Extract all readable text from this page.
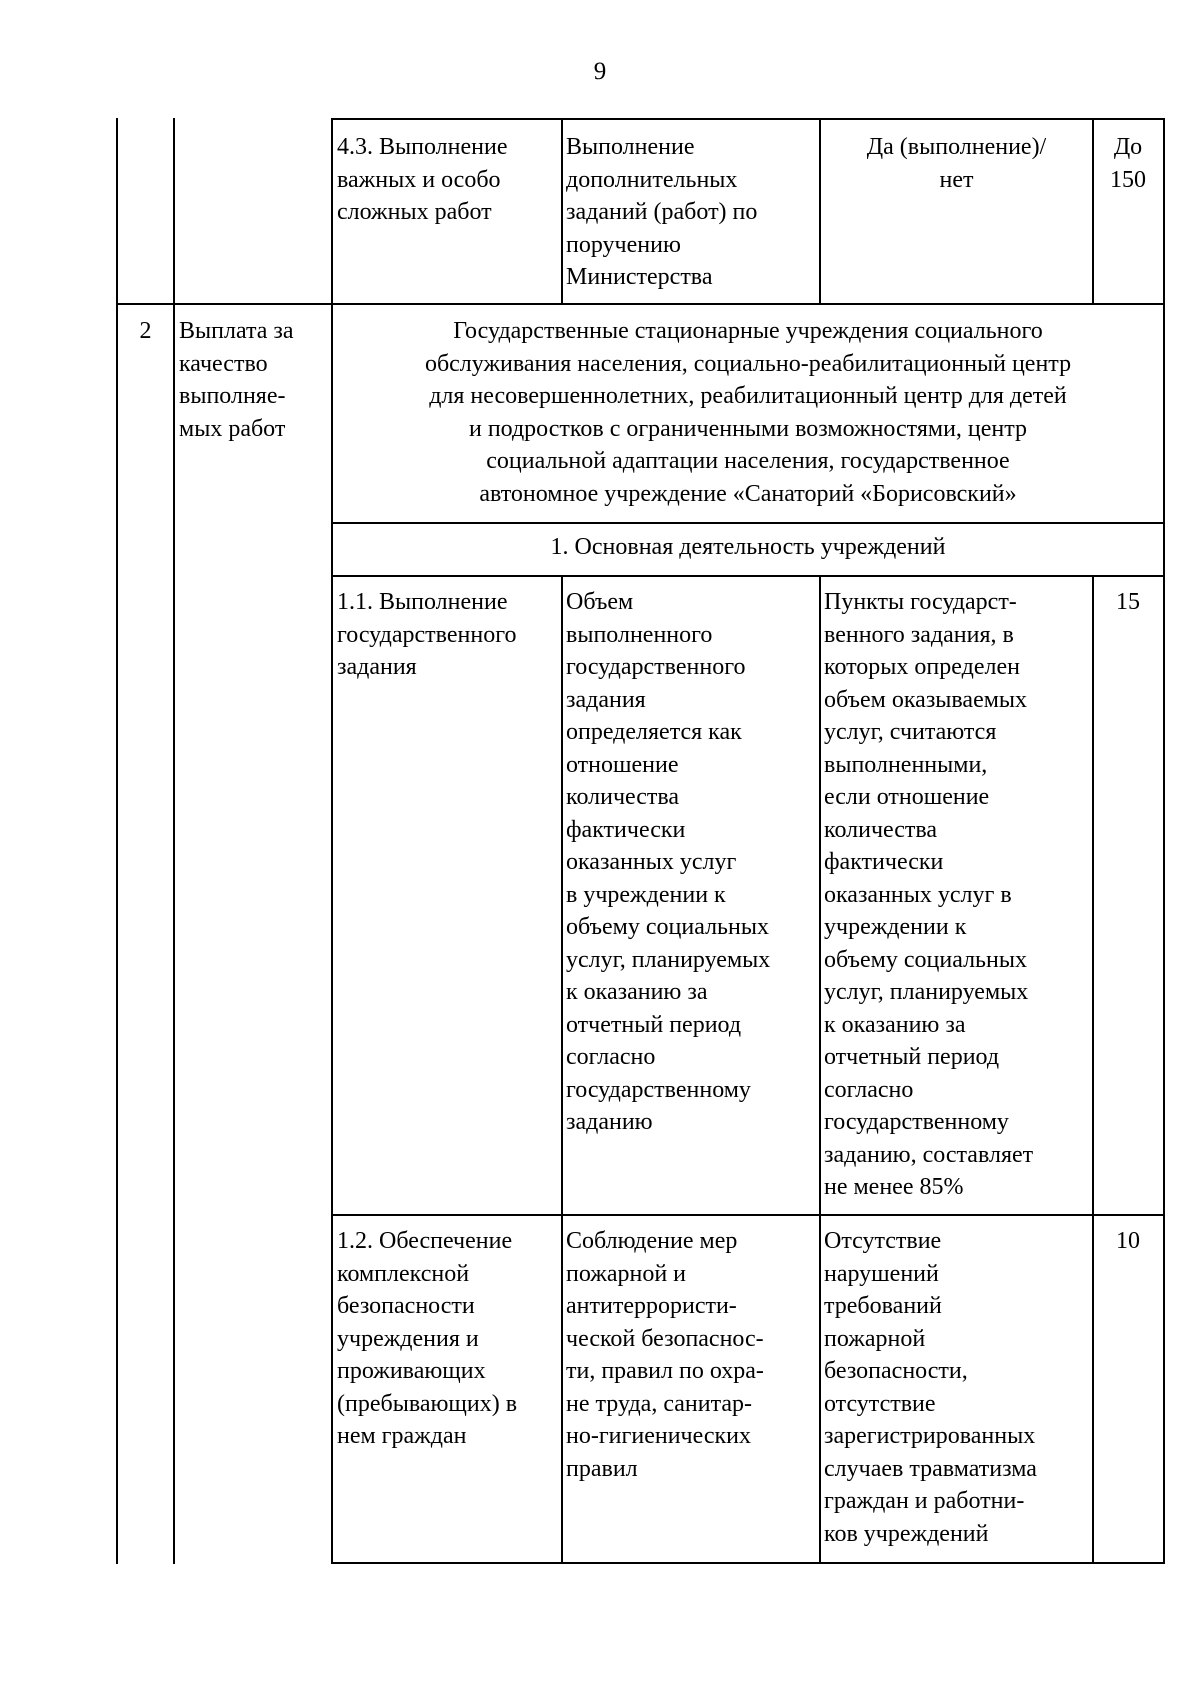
9
4.3. Выполнение
важных и особо
сложных работ
Выполнение
дополнительных
заданий (работ) по
поручению
Министерства
Да (выполнение)/
нет
До
150
2	Выплата за
качество
выполняе-
мых работ
Государственные стационарные учреждения социального
обслуживания населения, социально-реабилитационный центр
для несовершеннолетних, реабилитационный центр для детей
и подростков с ограниченными возможностями, центр
социальной адаптации населения, государственное
автономное учреждение «Санаторий «Борисовский»
1. Основная деятельность учреждений
1.1. Выполнение
государственного
задания
Объем
выполненного
государственного
задания
определяется как
отношение
количества
фактически
оказанных услуг
в учреждении к
объему социальных
услуг, планируемых
к оказанию за
отчетный период
согласно
государственному
заданию
Пункты государст-
венного задания, в
которых определен
объем оказываемых
услуг, считаются
выполненными,
если отношение
количества
фактически
оказанных услуг в
учреждении к
объему социальных
услуг, планируемых
к оказанию за
отчетный период
согласно
государственному
заданию, составляет
не менее 85%
15
1.2. Обеспечение
комплексной
безопасности
учреждения и
проживающих
(пребывающих) в
нем граждан
Соблюдение мер
пожарной и
антитеррористи-
ческой безопаснос-
ти, правил по охра-
не труда, санитар-
но-гигиенических
правил
Отсутствие
нарушений
требований
пожарной
безопасности,
отсутствие
зарегистрированных
случаев травматизма
граждан и работни-
ков учреждений
10
